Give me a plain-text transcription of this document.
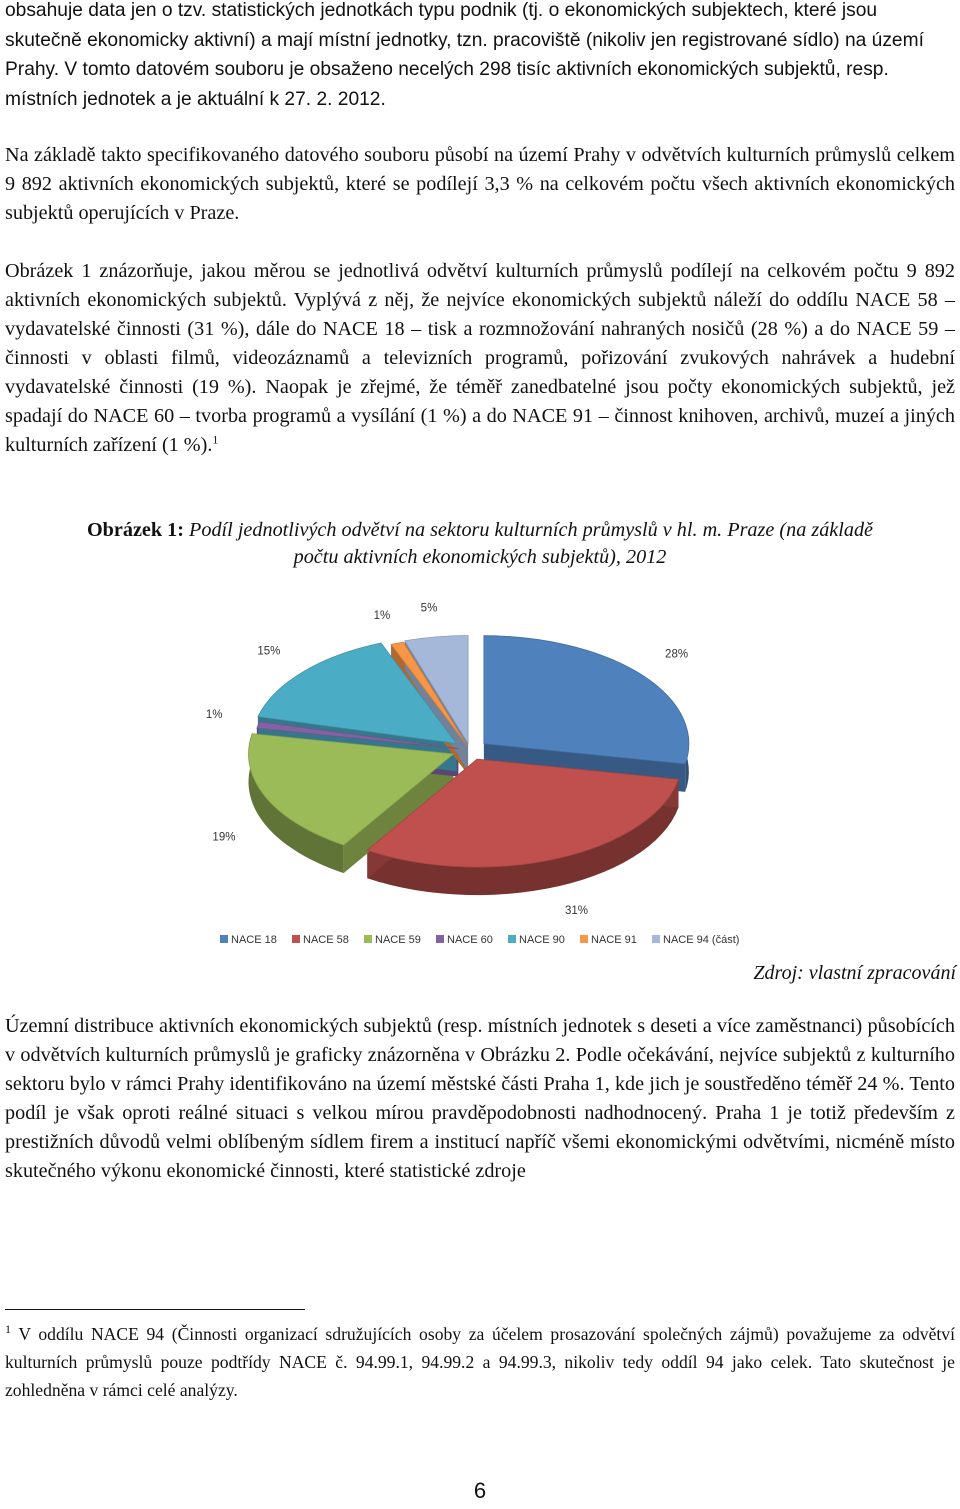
obsahuje data jen o tzv. statistických jednotkách typu podnik (tj. o ekonomických subjektech, které jsou skutečně ekonomicky aktivní) a mají místní jednotky, tzn. pracoviště (nikoliv jen registrované sídlo) na území Prahy. V tomto datovém souboru je obsaženo necelých 298 tisíc aktivních ekonomických subjektů, resp. místních jednotek a je aktuální k 27. 2. 2012.

Na základě takto specifikovaného datového souboru působí na území Prahy v odvětvích kulturních průmyslů celkem 9 892 aktivních ekonomických subjektů, které se podílejí 3,3 % na celkovém počtu všech aktivních ekonomických subjektů operujících v Praze.

Obrázek 1 znázorňuje, jakou měrou se jednotlivá odvětví kulturních průmyslů podílejí na celkovém počtu 9 892 aktivních ekonomických subjektů. Vyplývá z něj, že nejvíce ekonomických subjektů náleží do oddílu NACE 58 – vydavatelské činnosti (31 %), dále do NACE 18 – tisk a rozmnožování nahraných nosičů (28 %) a do NACE 59 – činnosti v oblasti filmů, videozáznamů a televizních programů, pořizování zvukových nahrávek a hudební vydavatelské činnosti (19 %). Naopak je zřejmé, že téměř zanedbatelné jsou počty ekonomických subjektů, jež spadají do NACE 60 – tvorba programů a vysílání (1 %) a do NACE 91 – činnost knihoven, archivů, muzeí a jiných kulturních zařízení (1 %).$^1$

Obrázek 1: Podíl jednotlivých odvětví na sektoru kulturních průmyslů v hl. m. Praze (na základě
počtu aktivních ekonomických subjektů), 2012
28%
31%
19%
1%
15%
1%
5%
NACE 18 NACE 58 NACE 59 NACE 60 NACE 90 NACE 91 NACE 94 (část)
Zdroj: vlastní zpracování

Územní distribuce aktivních ekonomických subjektů (resp. místních jednotek s deseti a více zaměstnanci) působících v odvětvích kulturních průmyslů je graficky znázorněna v Obrázku 2. Podle očekávání, nejvíce subjektů z kulturního sektoru bylo v rámci Prahy identifikováno na území městské části Praha 1, kde jich je soustředěno téměř 24 %. Tento podíl je však oproti reálné situaci s velkou mírou pravděpodobnosti nadhodnocený. Praha 1 je totiž především z prestižních důvodů velmi oblíbeným sídlem firem a institucí napříč všemi ekonomickými odvětvími, nicméně místo skutečného výkonu ekonomické činnosti, které statistické zdroje

$^1$ V oddílu NACE 94 (Činnosti organizací sdružujících osoby za účelem prosazování společných zájmů) považujeme za odvětví kulturních průmyslů pouze podtřídy NACE č. 94.99.1, 94.99.2 a 94.99.3, nikoliv tedy oddíl 94 jako celek. Tato skutečnost je zohledněna v rámci celé analýzy.

6
